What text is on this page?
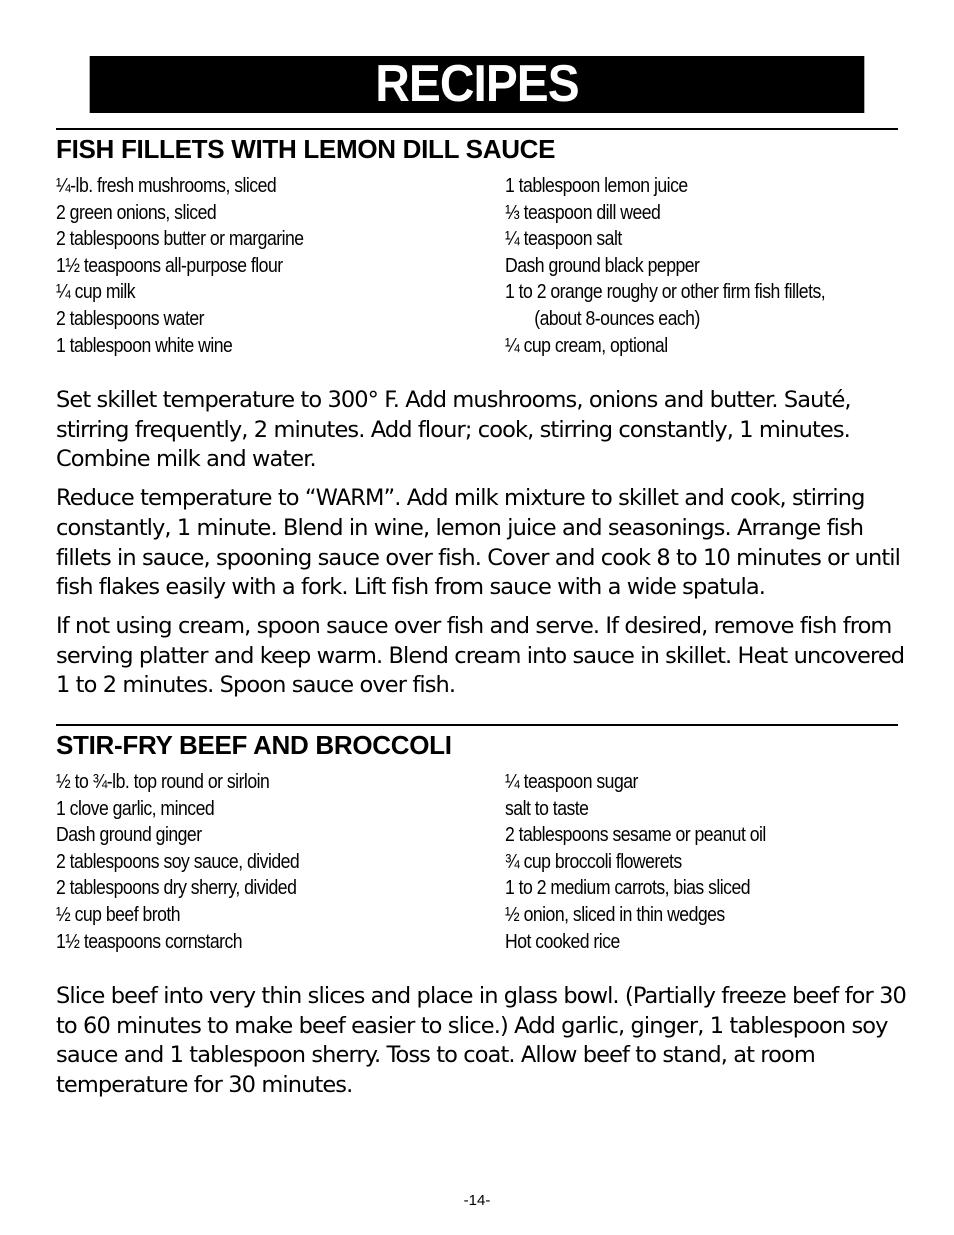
RECIPES
FISH FILLETS WITH LEMON DILL SAUCE
¼-lb. fresh mushrooms, sliced
2 green onions, sliced
2 tablespoons butter or margarine
1½ teaspoons all-purpose flour
¼ cup milk
2 tablespoons water
1 tablespoon white wine
1 tablespoon lemon juice
⅓ teaspoon dill weed
¼ teaspoon salt
Dash ground black pepper
1 to 2 orange roughy or other firm fish fillets,
(about 8-ounces each)
¼ cup cream, optional

Set skillet temperature to 300° F. Add mushrooms, onions and butter. Sauté, stirring frequently, 2 minutes. Add flour; cook, stirring constantly, 1 minutes. Combine milk and water.

Reduce temperature to “WARM”. Add milk mixture to skillet and cook, stirring constantly, 1 minute. Blend in wine, lemon juice and seasonings. Arrange fish fillets in sauce, spooning sauce over fish. Cover and cook 8 to 10 minutes or until fish flakes easily with a fork. Lift fish from sauce with a wide spatula.

If not using cream, spoon sauce over fish and serve. If desired, remove fish from serving platter and keep warm. Blend cream into sauce in skillet. Heat uncovered 1 to 2 minutes. Spoon sauce over fish.

STIR-FRY BEEF AND BROCCOLI
½ to ¾-lb. top round or sirloin
1 clove garlic, minced
Dash ground ginger
2 tablespoons soy sauce, divided
2 tablespoons dry sherry, divided
½ cup beef broth
1½ teaspoons cornstarch
¼ teaspoon sugar
salt to taste
2 tablespoons sesame or peanut oil
¾ cup broccoli flowerets
1 to 2 medium carrots, bias sliced
½ onion, sliced in thin wedges
Hot cooked rice

Slice beef into very thin slices and place in glass bowl. (Partially freeze beef for 30 to 60 minutes to make beef easier to slice.) Add garlic, ginger, 1 tablespoon soy sauce and 1 tablespoon sherry. Toss to coat. Allow beef to stand, at room temperature for 30 minutes.

-14-
